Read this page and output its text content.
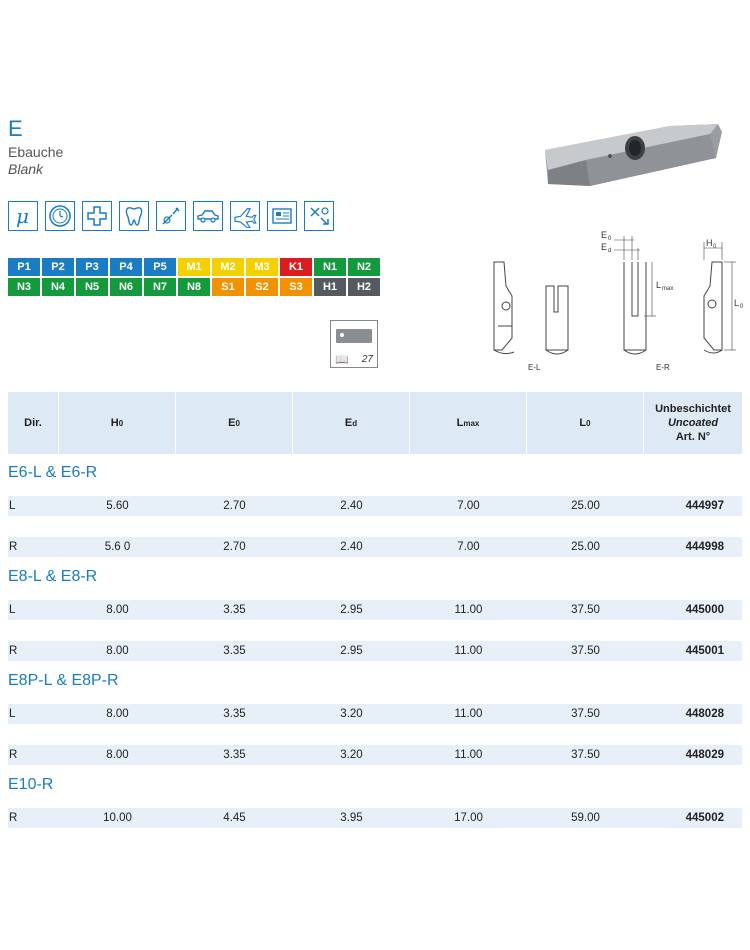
E
Ebauche
Blank
μ
P1	P2	P3	P4	P5	M1	M2	M3	K1	N1	N2
N3	N4	N5	N6	N7	N8	S1	S2	S3	H1	H2
📖 27
E 0
E d
L max
H 0
L 0
E-L	E-R
Dir.	H 0	E 0	E d	L max	L 0
Unbeschichtet
Uncoated
Art. N°
E6-L & E6-R
L	5.60	2.70	2.40	7.00	25.00	444997
R	5.6 0	2.70	2.40	7.00	25.00	444998
E8-L & E8-R
L	8.00	3.35	2.95	11.00	37.50	445000
R	8.00	3.35	2.95	11.00	37.50	445001
E8P-L & E8P-R
L	8.00	3.35	3.20	11.00	37.50	448028
R	8.00	3.35	3.20	11.00	37.50	448029
E10-R
R	10.00	4.45	3.95	17.00	59.00	445002
